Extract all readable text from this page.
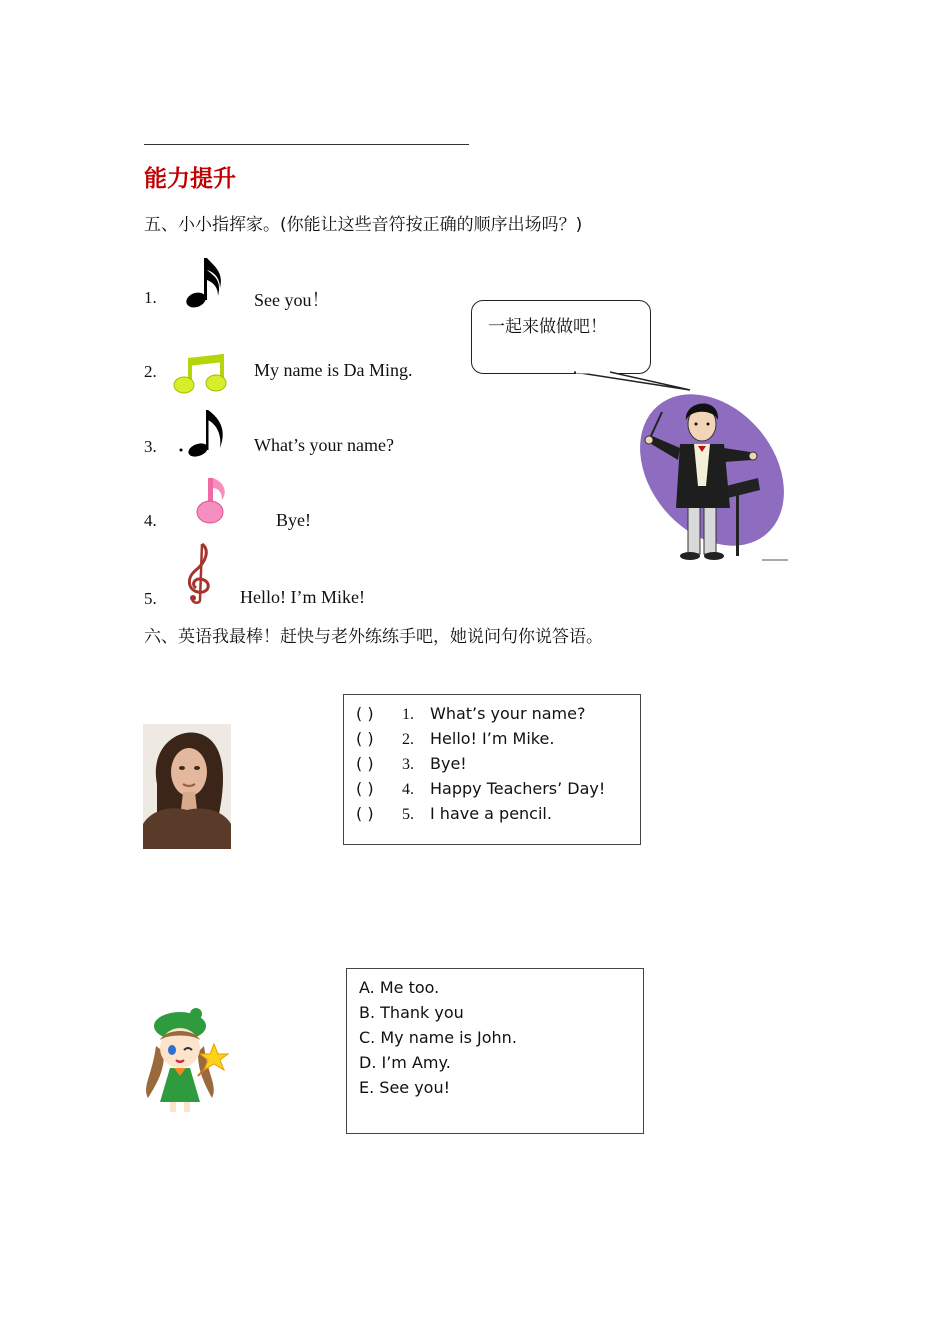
能力提升
五、小小指挥家。(你能让这些音符按正确的顺序出场吗？)
1.	See you！
2.	My name is Da Ming.
3.	What’s your name?
4.	Bye!
5.	Hello! I’m Mike!
一起来做做吧！
六、英语我最棒！赶快与老外练练手吧，她说问句你说答语。
( ) 1. What’s your name?
( ) 2. Hello! I’m Mike.
( ) 3. Bye!
( ) 4. Happy Teachers’ Day!
( ) 5. I have a pencil.
A. Me too.
B. Thank you
C. My name is John.
D. I’m Amy.
E. See you!
